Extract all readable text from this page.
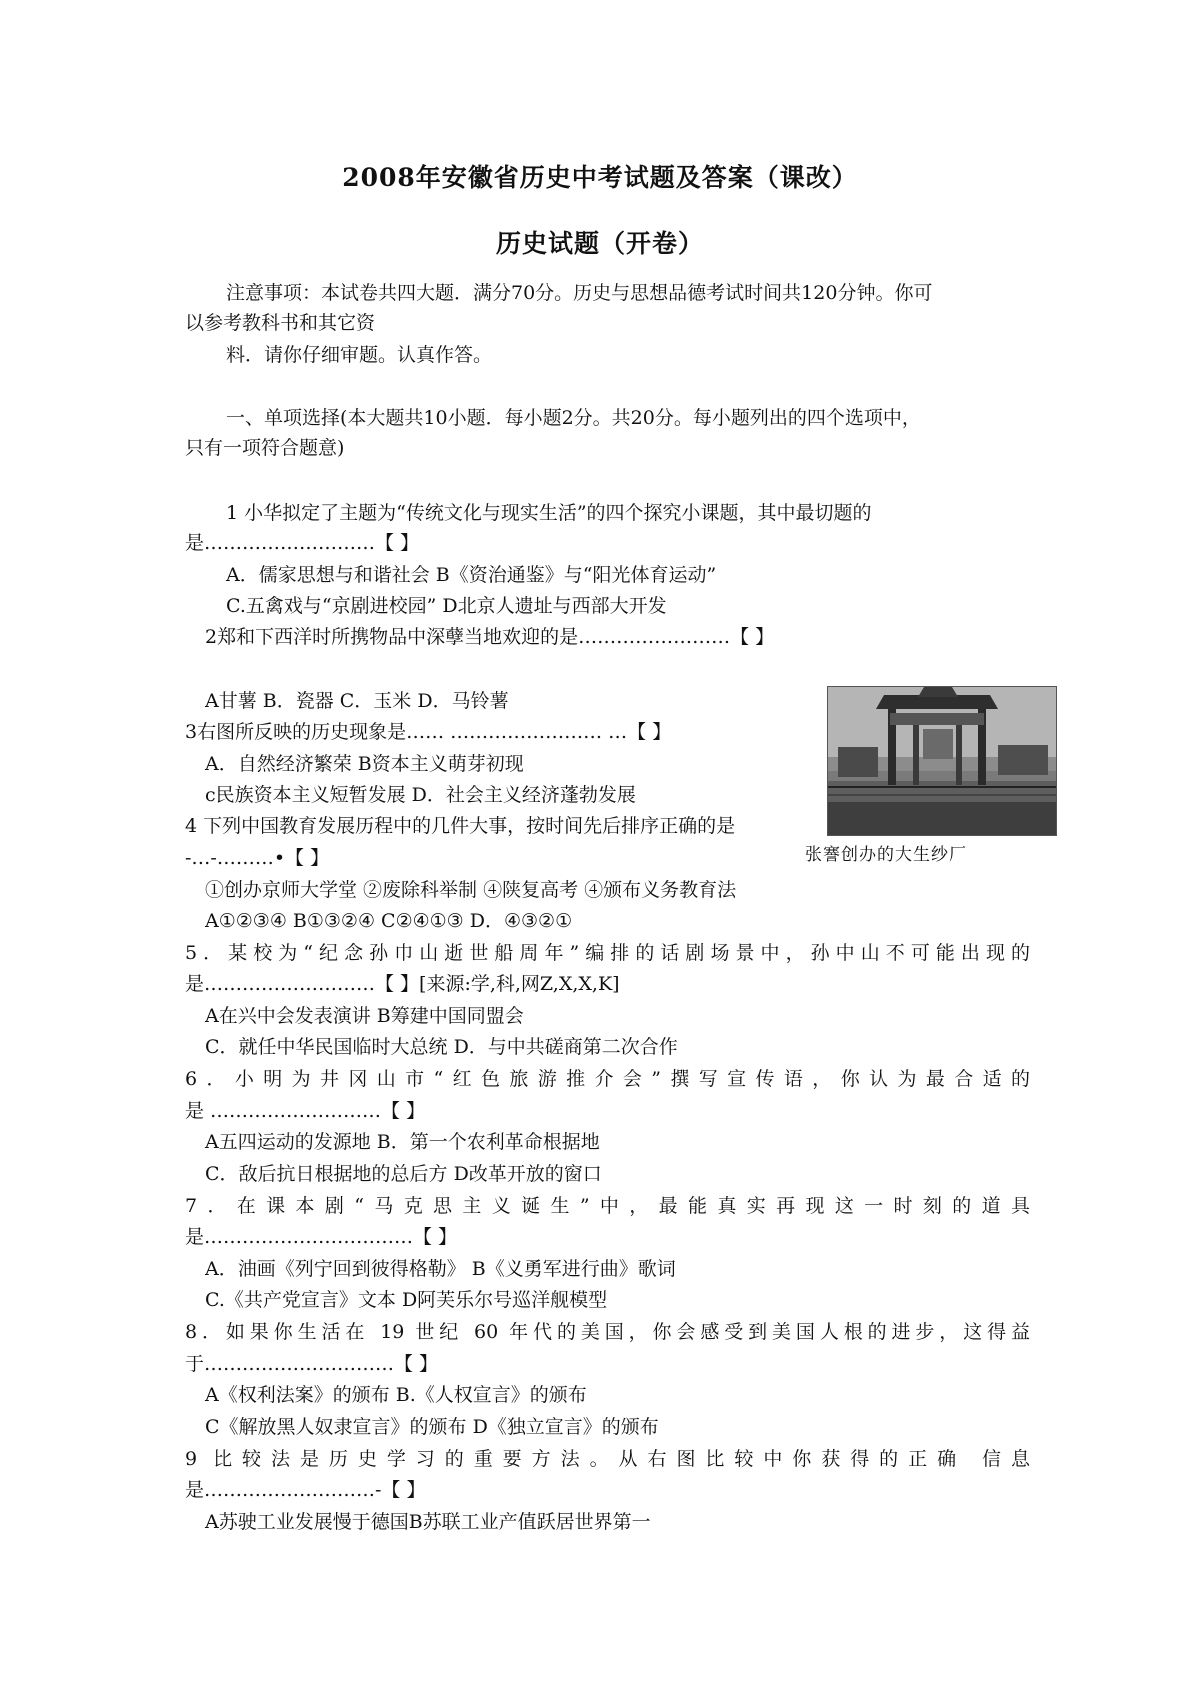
2008年安徽省历史中考试题及答案（课改）
历史试题（开卷）
注意事项：本试卷共四大题．满分70分。历史与思想品德考试时间共120分钟。你可
以参考教科书和其它资
料．请你仔细审题。认真作答。
一、单项选择(本大题共10小题．每小题2分。共20分。每小题列出的四个选项中，
只有一项符合题意)
1 小华拟定了主题为“传统文化与现实生活”的四个探究小课题，其中最切题的
是………………………【 】
A．儒家思想与和谐社会 B《资治通鉴》与“阳光体育运动”
C.五禽戏与“京剧进校园” D北京人遗址与西部大开发
2郑和下西洋时所携物品中深孽当地欢迎的是……………………【 】
A甘薯 B．瓷器 C．玉米 D．马铃薯
张謇创办的大生纱厂
3右图所反映的历史现象是…… …………………… …【 】
A．自然经济繁荣 B资本主义萌芽初现
c民族资本主义短暂发展 D．社会主义经济蓬勃发展
4 下列中国教育发展历程中的几件大事，按时间先后排序正确的是
-…-………•【 】
①创办京师大学堂 ②废除科举制 ④陕复高考 ④颁布义务教育法
A①②③④ B①③②④ C②④①③ D．④③②①
5．某校为“纪念孙巾山逝世船周年”编排的话剧场景中，孙中山不可能出现的
是………………………【 】[来源:学,科,网Z,X,X,K]
A在兴中会发表演讲 B筹建中国同盟会
C．就任中华民国临时大总统 D．与中共磋商第二次合作
6．小明为井冈山市“红色旅游推介会”撰写宣传语，你认为最合适的
是 ………………………【 】
A五四运动的发源地 B．第一个农利革命根据地
C．敌后抗日根据地的总后方 D改革开放的窗口
7．在课本剧“马克思主义诞生”中，最能真实再现这一时刻的道具
是……………………………【 】
A．油画《列宁回到彼得格勒》 B《义勇军进行曲》歌词
C.《共产党宣言》文本 D阿芙乐尔号巡洋舰模型
8．如果你生活在 19 世纪 60 年代的美国，你会感受到美国人根的进步，这得益
于…………………………【 】
A《权利法案》的颁布 B.《人权宣言》的颁布
C《解放黑人奴隶宣言》的颁布 D《独立宣言》的颁布
9 比较法是历史学习的重要方法。从右图比较中你获得的正确 信息
是………………………-【 】
A苏驶工业发展慢于德国B苏联工业产值跃居世界第一
